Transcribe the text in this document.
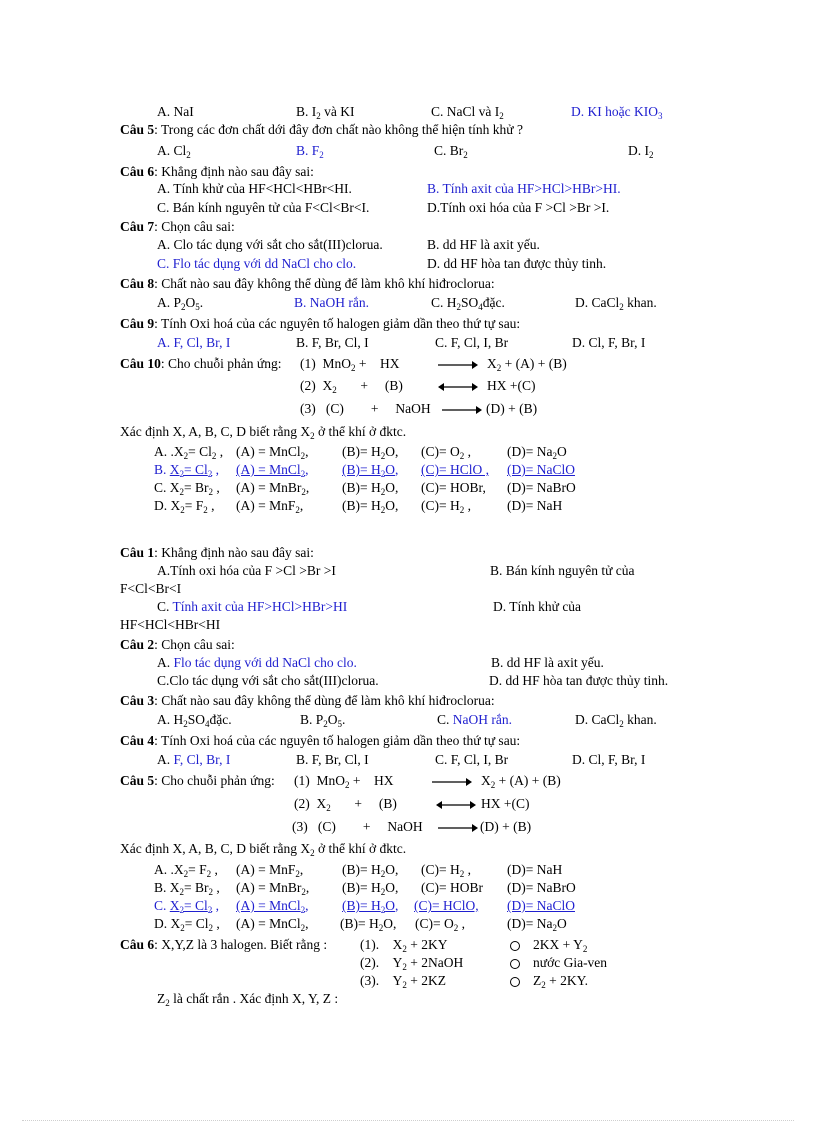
A. NaI	B. $I_2$ và KI	C. NaCl và $I_2$	D. KI hoặc $KIO_3$
Câu 5: Trong các đơn chất dới đây đơn chất nào không thể hiện tính khử ?
A. $Cl_2$	B. $F_2$	C. $Br_2$	D. $I_2$
Câu 6: Khẳng định nào sau đây sai:
A. Tính khử của HF<HCl<HBr<HI.	B. Tính axit của HF>HCl>HBr>HI.
C. Bán kính nguyên tử của F<Cl<Br<I.	D.Tính oxi hóa của F >Cl >Br >I.
Câu 7: Chọn câu sai:
A. Clo tác dụng với sắt cho sắt(III)clorua.	B. dd HF là axit yếu.
C. Flo tác dụng với dd NaCl cho clo.	D. dd HF hòa tan được thủy tinh.
Câu 8: Chất nào sau đây không thể dùng để làm khô khí hiđroclorua:
A. $P_2O_5$.	B. NaOH rắn.	C. $H_2SO_4đặc$.	D. CaCl$_2$ khan.
Câu 9: Tính Oxi hoá của các nguyên tố halogen giảm dần theo thứ tự sau:
A. F, Cl, Br, I	B. F, Br, Cl, I	C. F, Cl, I, Br	D. Cl, F, Br, I
Câu 10: Cho chuỗi phản ứng: (1) MnO$_2$ +    HX	$X_2 + (A) + (B)$
(2) $X_2$       +     (B)	HX +(C)
(3) (C)        +     NaOH	(D) + (B)
Xác định X, A, B, C, D biết rằng $X_2$ ở thể khí ở đktc.
A. $.X_2= Cl_2$ , (A) = MnCl$_2$, $(B)= H_2O$, $(C)= O_2$ ,	$(D)= Na_2O$
B. $X_2= Cl_2$ , (A) = MnCl$_2$, $(B)= H_2O$, (C)= HClO , (D)= NaClO
C. $X_2= Br_2$ , (A) = MnBr$_2$, $(B)= H_2O$, (C)= HOBr, (D)= NaBrO
D. $X_2= F_2$ , (A) = MnF$_2$,	$(B)= H_2O$, $(C)= H_2$ ,	(D)= NaH
Câu 1: Khẳng định nào sau đây sai:
A.Tính oxi hóa của F >Cl >Br >I	B. Bán kính nguyên tử của
F<Cl<Br<I
C. Tính axit của HF>HCl>HBr>HI	D. Tính khử của
HF<HCl<HBr<HI
Câu 2: Chọn câu sai:
A. Flo tác dụng với dd NaCl cho clo.	B. dd HF là axit yếu.
C.Clo tác dụng với sắt cho sắt(III)clorua.	D. dd HF hòa tan được thủy tinh.
Câu 3: Chất nào sau đây không thể dùng để làm khô khí hiđroclorua:
A. $H_2SO_4đặc$.	B. $P_2O_5$.	C. NaOH rắn.	D. CaCl$_2$ khan.
Câu 4: Tính Oxi hoá của các nguyên tố halogen giảm dần theo thứ tự sau:
A. F, Cl, Br, I	B. F, Br, Cl, I	C. F, Cl, I, Br	D. Cl, F, Br, I
Câu 5: Cho chuỗi phản ứng: (1) MnO$_2$ +    HX	$X_2 + (A) + (B)$
(2) $X_2$       +     (B)	HX +(C)
(3) (C)        +     NaOH	(D) + (B)
Xác định X, A, B, C, D biết rằng $X_2$ ở thể khí ở đktc.
A. $.X_2= F_2$ , (A) = MnF$_2$,	$(B)= H_2O$, $(C)= H_2$ ,	(D)= NaH
B. $X_2= Br_2$ , (A) = MnBr$_2$, $(B)= H_2O$, (C)= HOBr (D)= NaBrO
C. $X_2= Cl_2$ , (A) = MnCl$_2$, $(B)= H_2O$, (C)= HClO, (D)= NaClO
D. $X_2= Cl_2$ , (A) = MnCl$_2$, $(B)= H_2O$, $(C)= O_2$ ,	$(D)= Na_2O$
Câu 6: X,Y,Z là 3 halogen. Biết rằng : (1). $X_2 + 2KY$	$2KX + Y_2$
(2). $Y_2$ + 2NaOH	nước Gia-ven
(3). $Y_2 + 2KZ$	$Z_2 + 2KY$.
$Z_2$ là chất rắn . Xác định X, Y, Z :
